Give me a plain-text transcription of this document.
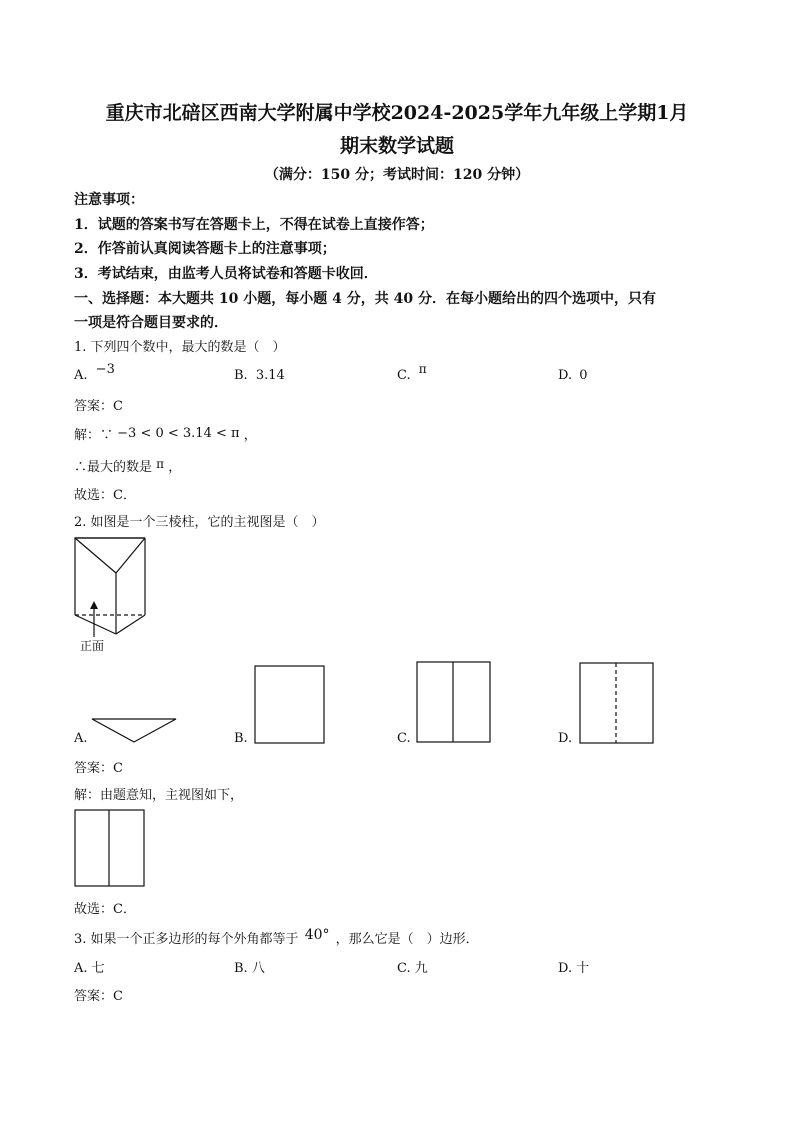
重庆市北碚区西南大学附属中学校2024-2025学年九年级上学期1月
期末数学试题
（满分：150 分；考试时间：120 分钟）
注意事项：
1．试题的答案书写在答题卡上，不得在试卷上直接作答；
2．作答前认真阅读答题卡上的注意事项；
3．考试结束，由监考人员将试卷和答题卡收回．
一、选择题：本大题共 10 小题，每小题 4 分，共 40 分．在每小题给出的四个选项中，只有
一项是符合题目要求的．
1. 下列四个数中，最大的数是（　）
A. −3	B. 3.14	C. π	D. 0
答案：C
解：∵ −3 < 0 < 3.14 < π ，
∴最大的数是 π ，
故选：C．
2. 如图是一个三棱柱，它的主视图是（　）
正面
A.	B.	C.	D.
答案：C
解：由题意知，主视图如下，
故选：C．
3. 如果一个正多边形的每个外角都等于 40° ，那么它是（　）边形．
A. 七	B. 八	C. 九	D. 十
答案：C
